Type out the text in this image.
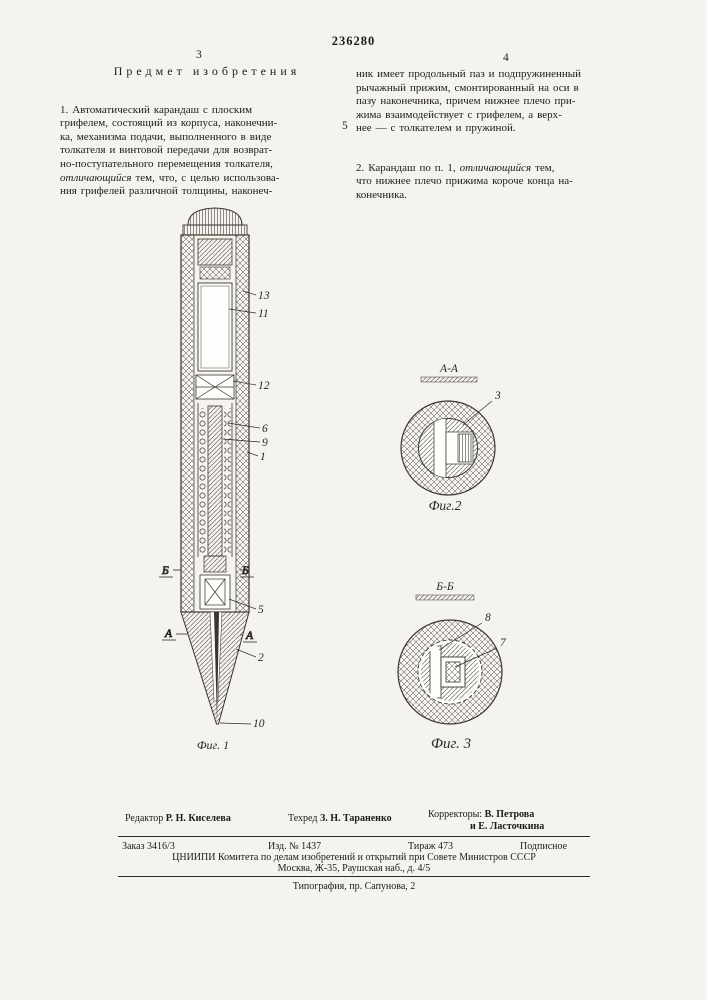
236280
3	4
Предмет изобретения
5

1. Автоматический карандаш с плоским
грифелем, состоящий из корпуса, наконечни-
ка, механизма подачи, выполненного в виде
толкателя и винтовой передачи для возврат-
но-поступательного перемещения толкателя,
отличающийся тем, что, с целью использова-
ния грифелей различной толщины, наконеч-

ник имеет продольный паз и подпружиненный
рычажный прижим, смонтированный на оси в
пазу наконечника, причем нижнее плечо при-
жима взаимодействует с грифелем, а верх-
нее — с толкателем и пружиной.

2. Карандаш по п. 1, отличающийся тем,
что нижнее плечо прижима короче конца на-
конечника.

Б	Б
А	А
13
11
12
6
9
1
5
2
10
Фиг. 1
А-А
3
Фиг.2
Б-Б
8
7
Фиг. 3
Редактор Р. Н. Киселева	Техред З. Н. Тараненко	Корректоры: В. Петрова
и Е. Ласточкина
Заказ 3416/3	Изд. № 1437	Тираж 473	Подписное
ЦНИИПИ Комитета по делам изобретений и открытий при Совете Министров СССР
Москва, Ж-35, Раушская наб., д. 4/5
Типография, пр. Сапунова, 2
